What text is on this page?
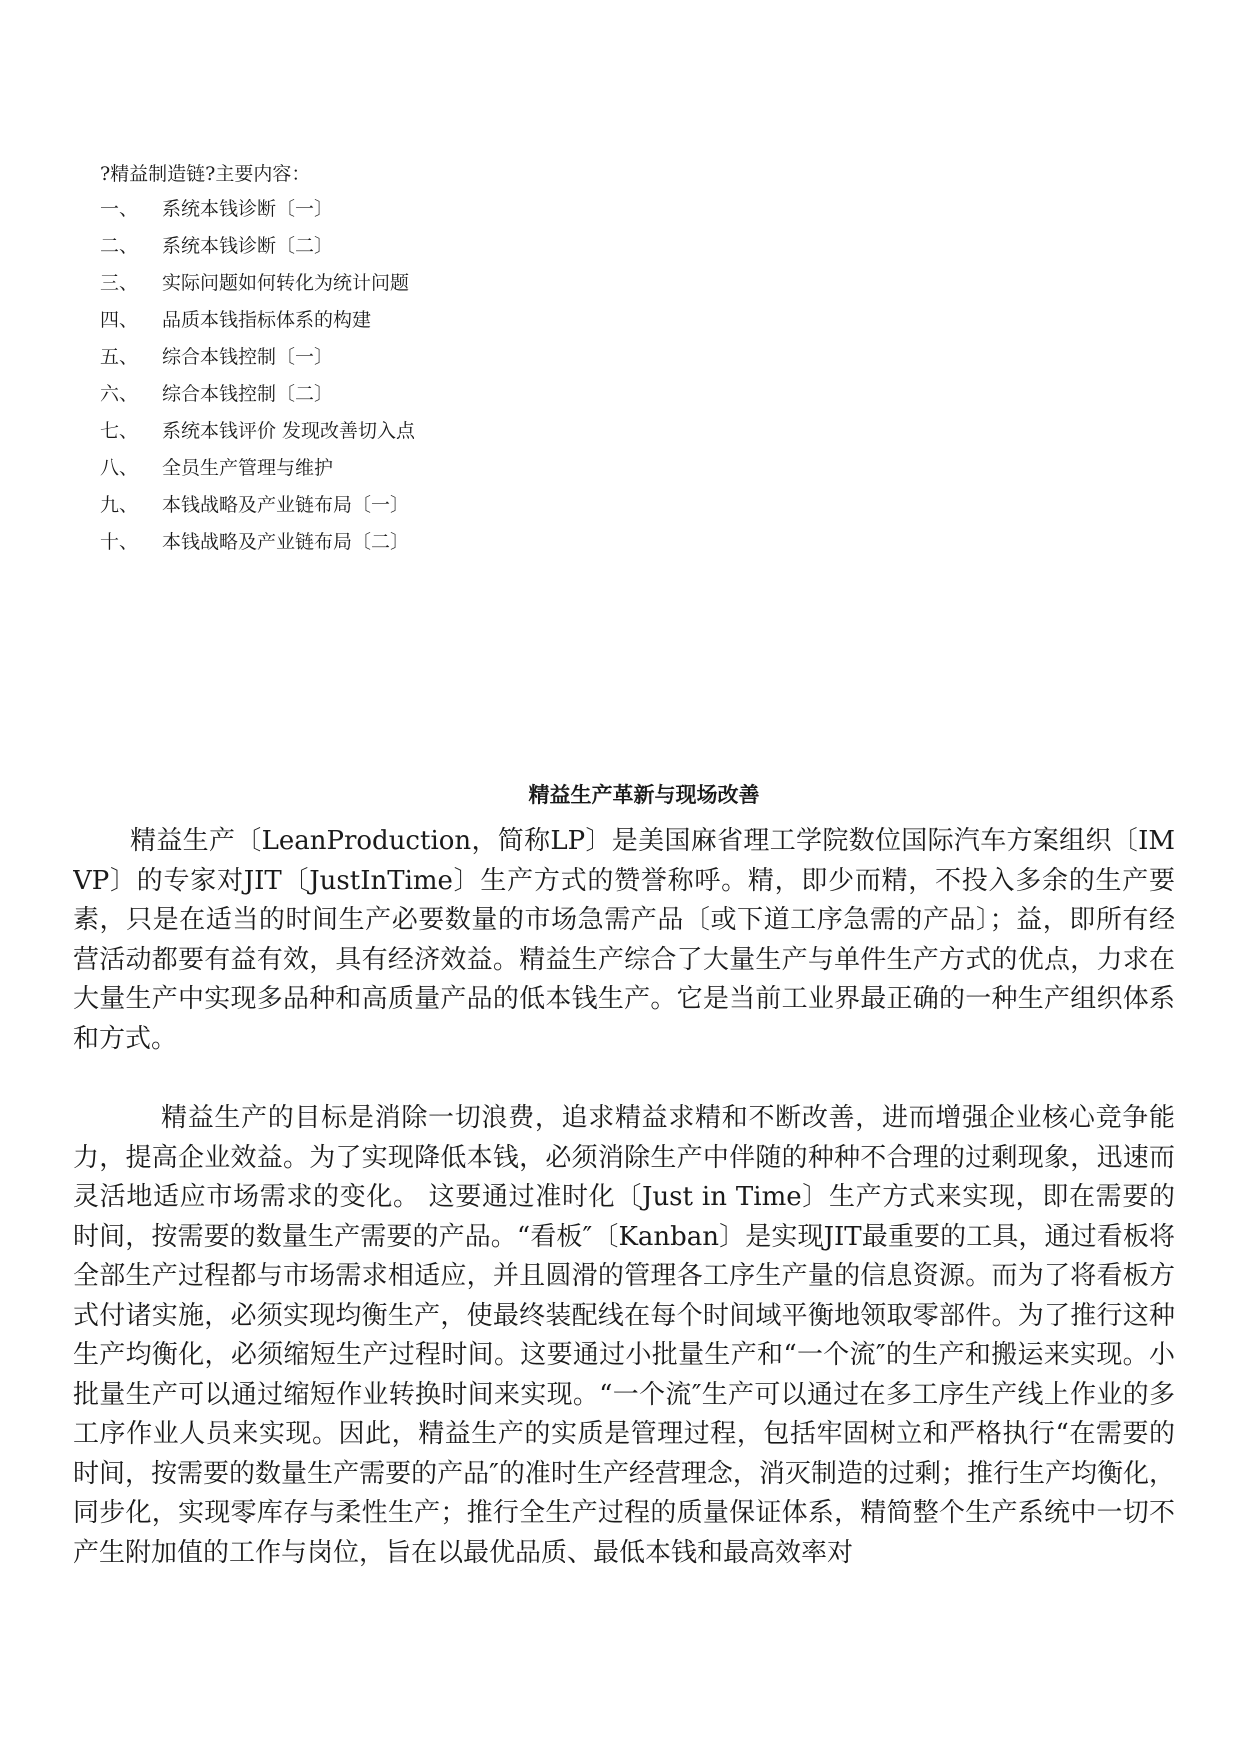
?精益制造链?主要内容：
一、	系统本钱诊断〔一〕
二、	系统本钱诊断〔二〕
三、	实际问题如何转化为统计问题
四、	品质本钱指标体系的构建
五、	综合本钱控制〔一〕
六、	综合本钱控制〔二〕
七、	系统本钱评价 发现改善切入点
八、	全员生产管理与维护
九、	本钱战略及产业链布局〔一〕
十、	本钱战略及产业链布局〔二〕
精益生产革新与现场改善

精益生产〔LeanProduction，简称LP〕是美国麻省理工学院数位国际汽车方案组织〔IMVP〕的专家对JIT〔JustInTime〕生产方式的赞誉称呼。精，即少而精，不投入多余的生产要素，只是在适当的时间生产必要数量的市场急需产品〔或下道工序急需的产品〕；益，即所有经营活动都要有益有效，具有经济效益。精益生产综合了大量生产与单件生产方式的优点，力求在大量生产中实现多品种和高质量产品的低本钱生产。它是当前工业界最正确的一种生产组织体系和方式。

精益生产的目标是消除一切浪费，追求精益求精和不断改善，进而增强企业核心竞争能力，提高企业效益。为了实现降低本钱，必须消除生产中伴随的种种不合理的过剩现象，迅速而灵活地适应市场需求的变化。 这要通过准时化〔Just in Time〕生产方式来实现，即在需要的时间，按需要的数量生产需要的产品。“看板″〔Kanban〕是实现JIT最重要的工具，通过看板将全部生产过程都与市场需求相适应，并且圆滑的管理各工序生产量的信息资源。而为了将看板方式付诸实施，必须实现均衡生产，使最终装配线在每个时间域平衡地领取零部件。为了推行这种生产均衡化，必须缩短生产过程时间。这要通过小批量生产和“一个流″的生产和搬运来实现。小批量生产可以通过缩短作业转换时间来实现。“一个流″生产可以通过在多工序生产线上作业的多工序作业人员来实现。因此，精益生产的实质是管理过程，包括牢固树立和严格执行“在需要的时间，按需要的数量生产需要的产品″的准时生产经营理念，消灭制造的过剩；推行生产均衡化，同步化，实现零库存与柔性生产；推行全生产过程的质量保证体系，精简整个生产系统中一切不产生附加值的工作与岗位，旨在以最优品质、最低本钱和最高效率对
